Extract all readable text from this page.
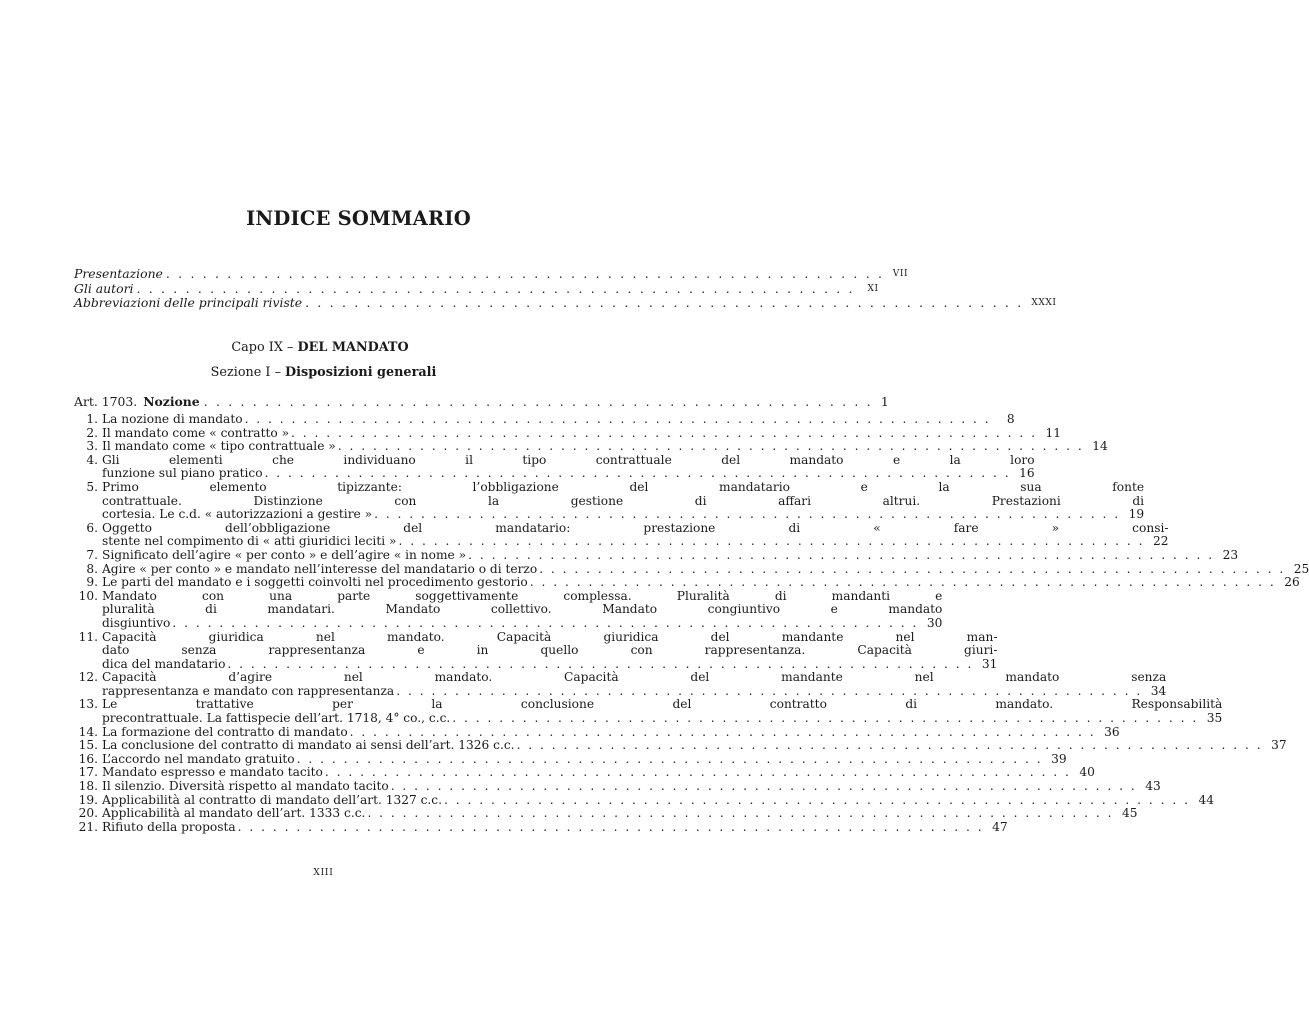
INDICE SOMMARIO
Presentazione . . . . . . . . . . . . . . . . . . . . . . . . . . . . . . . . . . . . . . . . . . . . . . . . . . . . . . . . . . . VII
Gli autori . . . . . . . . . . . . . . . . . . . . . . . . . . . . . . . . . . . . . . . . . . . . . . . . . . . . . . . . . . .	XI
Abbreviazioni delle principali riviste . . . . . . . . . . . . . . . . . . . . . . . . . . . . . . . . . . . . . . . . . . . . . . . . . . . . . . . . . . . XXXI
Capo IX – DEL MANDATO
Sezione I – Disposizioni generali
Art. 1703. Nozione . . . . . . . . . . . . . . . . . . . . . . . . . . . . . . . . . . . . . . . . . . . . . . . . . . . . . . . 1
1. La nozione di mandato . . . . . . . . . . . . . . . . . . . . . . . . . . . . . . . . . . . . . . . . . . . . . . . . . . . . . . . . . . . . . . . .	8
2. Il mandato come « contratto » . . . . . . . . . . . . . . . . . . . . . . . . . . . . . . . . . . . . . . . . . . . . . . . . . . . . . . . . . . . . . . . . 11
3. Il mandato come « tipo contrattuale » . . . . . . . . . . . . . . . . . . . . . . . . . . . . . . . . . . . . . . . . . . . . . . . . . . . . . . . . . . . . . . . . 14
4. Gli elementi che individuano il tipo contrattuale del mandato e la loro
funzione sul piano pratico . . . . . . . . . . . . . . . . . . . . . . . . . . . . . . . . . . . . . . . . . . . . . . . . . . . . . . . . . . . . . . . . 16
5. Primo elemento tipizzante: l’obbligazione del mandatario e la sua fonte
contrattuale. Distinzione con la gestione di affari altrui. Prestazioni di
cortesia. Le c.d. « autorizzazioni a gestire » . . . . . . . . . . . . . . . . . . . . . . . . . . . . . . . . . . . . . . . . . . . . . . . . . . . . . . . . . . . . . . . . 19
6. Oggetto dell’obbligazione del mandatario: prestazione di « fare » consi-
stente nel compimento di « atti giuridici leciti » . . . . . . . . . . . . . . . . . . . . . . . . . . . . . . . . . . . . . . . . . . . . . . . . . . . . . . . . . . . . . . . . 22
7. Significato dell’agire « per conto » e dell’agire « in nome » . . . . . . . . . . . . . . . . . . . . . . . . . . . . . . . . . . . . . . . . . . . . . . . . . . . . . . . . . . . . . . . . 23
8. Agire « per conto » e mandato nell’interesse del mandatario o di terzo . . . . . . . . . . . . . . . . . . . . . . . . . . . . . . . . . . . . . . . . . . . . . . . . . . . . . . . . . . . . . . . . 25
9. Le parti del mandato e i soggetti coinvolti nel procedimento gestorio . . . . . . . . . . . . . . . . . . . . . . . . . . . . . . . . . . . . . . . . . . . . . . . . . . . . . . . . . . . . . . . . 26
10. Mandato con una parte soggettivamente complessa. Pluralità di mandanti e
pluralità di mandatari. Mandato collettivo. Mandato congiuntivo e mandato
disgiuntivo . . . . . . . . . . . . . . . . . . . . . . . . . . . . . . . . . . . . . . . . . . . . . . . . . . . . . . . . . . . . . . . . 30
11. Capacità giuridica nel mandato. Capacità giuridica del mandante nel man-
dato senza rappresentanza e in quello con rappresentanza. Capacità giuri-
dica del mandatario . . . . . . . . . . . . . . . . . . . . . . . . . . . . . . . . . . . . . . . . . . . . . . . . . . . . . . . . . . . . . . . . 31
12. Capacità d’agire nel mandato. Capacità del mandante nel mandato senza
rappresentanza e mandato con rappresentanza . . . . . . . . . . . . . . . . . . . . . . . . . . . . . . . . . . . . . . . . . . . . . . . . . . . . . . . . . . . . . . . . 34
13. Le trattative per la conclusione del contratto di mandato. Responsabilità
precontrattuale. La fattispecie dell’art. 1718, 4° co., c.c. . . . . . . . . . . . . . . . . . . . . . . . . . . . . . . . . . . . . . . . . . . . . . . . . . . . . . . . . . . . . . . . . 35
14. La formazione del contratto di mandato . . . . . . . . . . . . . . . . . . . . . . . . . . . . . . . . . . . . . . . . . . . . . . . . . . . . . . . . . . . . . . . . 36
15. La conclusione del contratto di mandato ai sensi dell’art. 1326 c.c. . . . . . . . . . . . . . . . . . . . . . . . . . . . . . . . . . . . . . . . . . . . . . . . . . . . . . . . . . . . . . . . . 37
16. L’accordo nel mandato gratuito . . . . . . . . . . . . . . . . . . . . . . . . . . . . . . . . . . . . . . . . . . . . . . . . . . . . . . . . . . . . . . . . 39
17. Mandato espresso e mandato tacito . . . . . . . . . . . . . . . . . . . . . . . . . . . . . . . . . . . . . . . . . . . . . . . . . . . . . . . . . . . . . . . . 40
18. Il silenzio. Diversità rispetto al mandato tacito . . . . . . . . . . . . . . . . . . . . . . . . . . . . . . . . . . . . . . . . . . . . . . . . . . . . . . . . . . . . . . . . 43
19. Applicabilità al contratto di mandato dell’art. 1327 c.c. . . . . . . . . . . . . . . . . . . . . . . . . . . . . . . . . . . . . . . . . . . . . . . . . . . . . . . . . . . . . . . . . 44
20. Applicabilità al mandato dell’art. 1333 c.c. . . . . . . . . . . . . . . . . . . . . . . . . . . . . . . . . . . . . . . . . . . . . . . . . . . . . . . . . . . . . . . . . 45
21. Rifiuto della proposta . . . . . . . . . . . . . . . . . . . . . . . . . . . . . . . . . . . . . . . . . . . . . . . . . . . . . . . . . . . . . . . . 47
XIII
